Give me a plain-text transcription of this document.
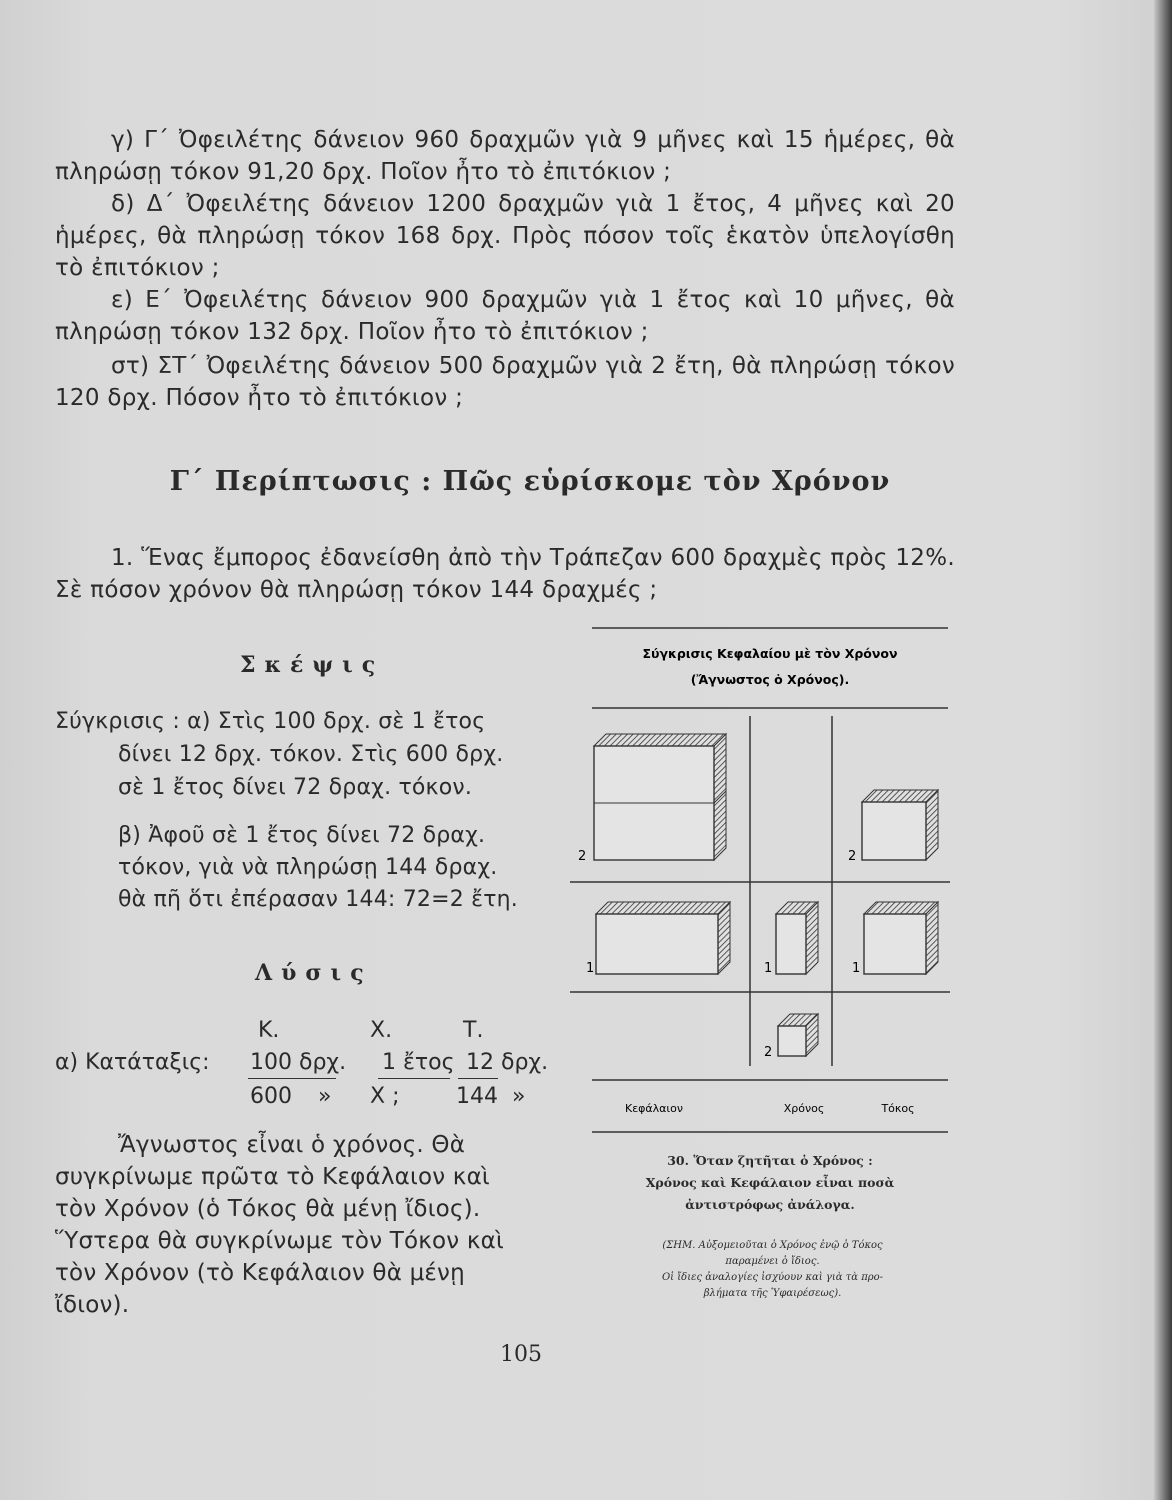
γ) Γ΄ Ὀφειλέτης δάνειον 960 δραχμῶν γιὰ 9 μῆνες καὶ 15 ἡμέρες, θὰ πληρώσῃ τόκον 91,20 δρχ. Ποῖον ἦτο τὸ ἐπιτόκιον ;
δ) Δ΄ Ὀφειλέτης δάνειον 1200 δραχμῶν γιὰ 1 ἔτος, 4 μῆνες καὶ 20 ἡμέρες, θὰ πληρώσῃ τόκον 168 δρχ. Πρὸς πόσον τοῖς ἑκατὸν ὑπελογίσθη τὸ ἐπιτόκιον ;
ε) Ε΄ Ὀφειλέτης δάνειον 900 δραχμῶν γιὰ 1 ἔτος καὶ 10 μῆνες, θὰ πληρώσῃ τόκον 132 δρχ. Ποῖον ἦτο τὸ ἐπιτόκιον ;
στ) ΣΤ΄ Ὀφειλέτης δάνειον 500 δραχμῶν γιὰ 2 ἔτη, θὰ πληρώσῃ τόκον 120 δρχ. Πόσον ἦτο τὸ ἐπιτόκιον ;
Γ΄ Περίπτωσις : Πῶς εὑρίσκομε τὸν Χρόνον
1. Ἕνας ἔμπορος ἐδανείσθη ἀπὸ τὴν Τράπεζαν 600 δραχμὲς πρὸς 12%. Σὲ πόσον χρόνον θὰ πληρώσῃ τόκον 144 δραχμές ;
Σκέψις
Σύγκρισις : α) Στὶς 100 δρχ. σὲ 1 ἔτος
δίνει 12 δρχ. τόκον. Στὶς 600 δρχ.
σὲ 1 ἔτος δίνει 72 δραχ. τόκον.
β) Ἀφοῦ σὲ 1 ἔτος δίνει 72 δραχ.
τόκον, γιὰ νὰ πληρώσῃ 144 δραχ.
θὰ πῆ ὅτι ἐπέρασαν 144: 72=2 ἔτη.
Λύσις
Κ.	Χ.	Τ.
α) Κατάταξις: 100 δρχ. 1 ἔτος 12 δρχ.
600 » Χ ;	144 »
Ἄγνωστος εἶναι ὁ χρόνος. Θὰ
συγκρίνωμε πρῶτα τὸ Κεφάλαιον καὶ
τὸν Χρόνον (ὁ Τόκος θὰ μένῃ ἴδιος).
Ὕστερα θὰ συγκρίνωμε τὸν Τόκον καὶ
τὸν Χρόνον (τὸ Κεφάλαιον θὰ μένῃ
ἴδιον).
Σύγκρισις Κεφαλαίου μὲ τὸν Χρόνον
(Ἄγνωστος ὁ Χρόνος).
2	2
1	1	1
2
Κεφάλαιον	Χρόνος	Τόκος
30. Ὅταν ζητῆται ὁ Χρόνος :
Χρόνος καὶ Κεφάλαιον εἶναι ποσὰ
ἀντιστρόφως ἀνάλογα.
(ΣΗΜ. Αὐξομειοῦται ὁ Χρόνος ἐνῷ ὁ Τόκος
παραμένει ὁ ἴδιος.
Οἱ ἴδιες ἀναλογίες ἰσχύουν καὶ γιὰ τὰ προ-
βλήματα τῆς Ὑφαιρέσεως).
105
